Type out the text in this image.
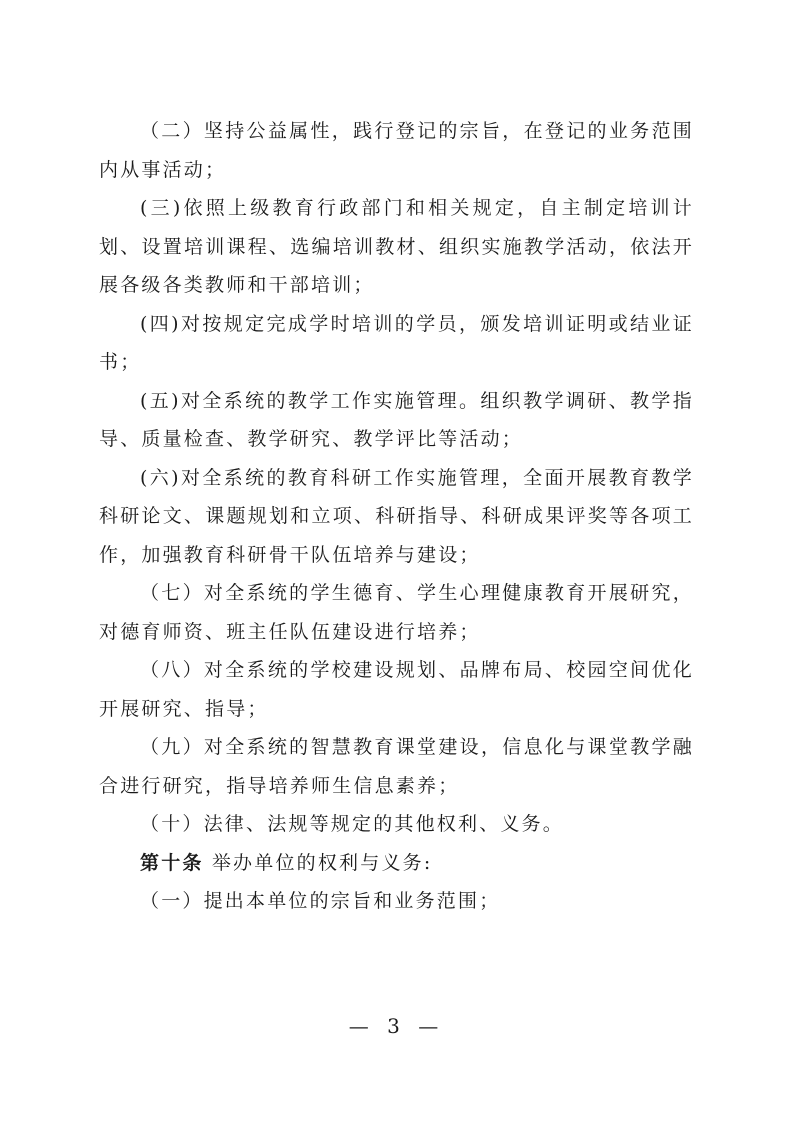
（二）坚持公益属性，践行登记的宗旨，在登记的业务范围内从事活动；

(三)依照上级教育行政部门和相关规定，自主制定培训计划、设置培训课程、选编培训教材、组织实施教学活动，依法开展各级各类教师和干部培训；

(四)对按规定完成学时培训的学员，颁发培训证明或结业证书；

(五)对全系统的教学工作实施管理。组织教学调研、教学指导、质量检查、教学研究、教学评比等活动；

(六)对全系统的教育科研工作实施管理，全面开展教育教学科研论文、课题规划和立项、科研指导、科研成果评奖等各项工作，加强教育科研骨干队伍培养与建设；

（七）对全系统的学生德育、学生心理健康教育开展研究，对德育师资、班主任队伍建设进行培养；

（八）对全系统的学校建设规划、品牌布局、校园空间优化开展研究、指导；

（九）对全系统的智慧教育课堂建设，信息化与课堂教学融合进行研究，指导培养师生信息素养；

（十）法律、法规等规定的其他权利、义务。

第十条 举办单位的权利与义务:

（一）提出本单位的宗旨和业务范围；

— 3 —
